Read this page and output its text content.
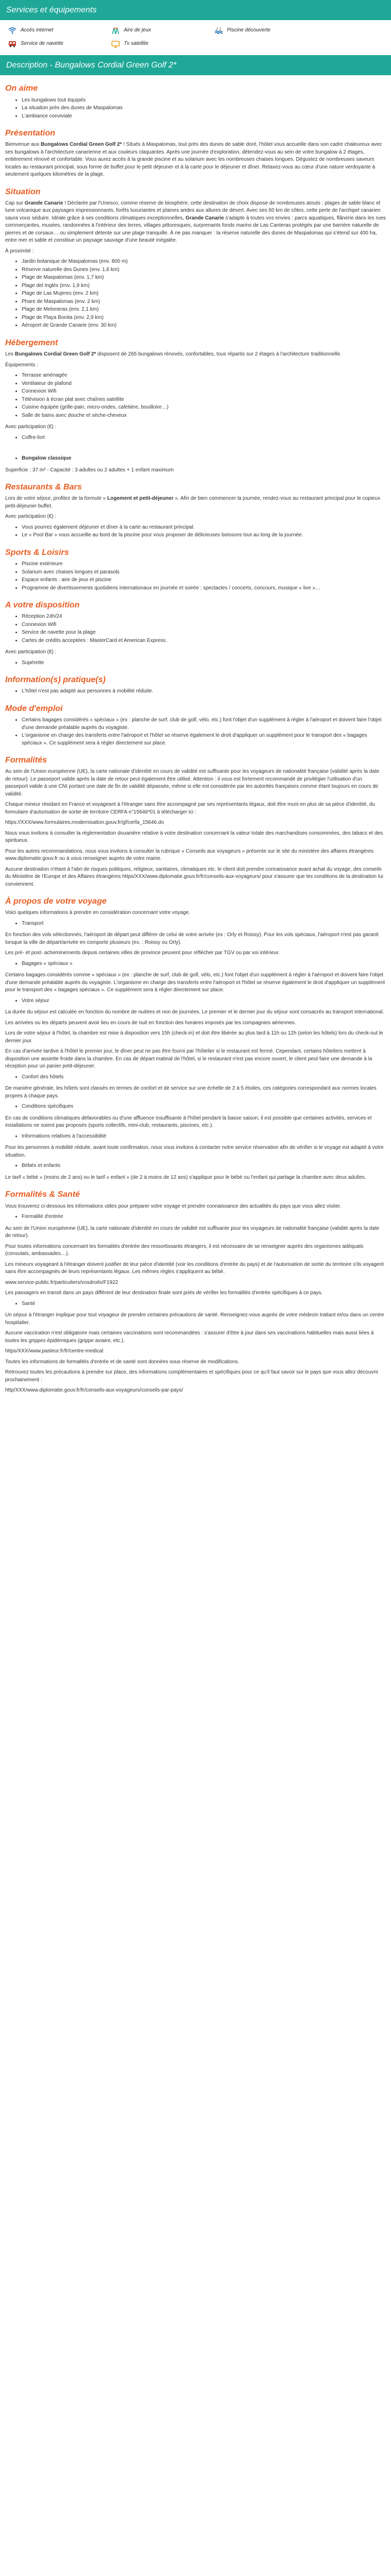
Services et équipements
Accès internet	Aire de jeux	Piscine découverte
Service de navette	Tv satellite
Description - Bungalows Cordial Green Golf 2*
On aime
• Les bungalows tout équipés
• La situation près des dunes de Maspalomas
• L'ambiance conviviale
Présentation

Bienvenue aux Bungalows Cordial Green Golf 2* ! Situés à Maspalomas, tout près des dunes de sable doré, l'hôtel vous accueille dans son cadre chaleureux avec ses bungalows à l'architecture canarienne et aux couleurs claquantes. Après une journée d'exploration, détendez-vous au sein de votre bungalow à 2 étages, entièrement rénové et confortable. Vous aurez accès à la grande piscine et au solarium avec les nombreuses chaises longues. Dégustez de nombreuses saveurs locales au restaurant principal, sous forme de buffet pour le petit déjeuner et à la carte pour le déjeuner et dîner. Relaxez-vous au cœur d'une nature verdoyante à seulement quelques kilomètres de la plage.

Situation

Cap sur Grande Canarie ! Déclarée par l'Unesco, comme réserve de biosphère, cette destination de choix dispose de nombreuses atouts : plages de sable blanc et lune volcanique aux paysages impressionnants, forêts luxuriantes et plaines arides aux allures de désert. Avec ses 60 km de côtes, cette perle de l'archipel canarien saura vous séduire. Idéale grâce à ses conditions climatiques exceptionnelles, Grande Canarie s'adapte à toutes vos envies : parcs aquatiques, flânerie dans les rues commerçantes, musées, randonnées à l'intérieur des terres, villages pittoresques, surprenants fonds marins de Las Canteras protégés par une barrière naturelle de pierres et de corsaux… ou simplement détente sur une plage tranquille. À ne pas manquer : la réserve naturelle des dunes de Maspalomas qui s'étend sur 400 ha, entre mer et sable et constitue un paysage sauvage d'une beauté inégalée.

À proximité :

• Jardin botanique de Maspalomas (env. 800 m)
• Réserve naturelle des Dunes (env. 1,6 km)
• Plage de Maspalomas (env. 1,7 km)
• Plage del Inglés (env. 1,9 km)
• Plage de Las Mujeres (env. 2 km)
• Phare de Maspalomas (env. 2 km)
• Plage de Meloneras (env. 2,1 km)
• Plage de Playa Bonita (env. 2,9 km)
• Aéroport de Grande Canarie (env. 30 km)
Hébergement

Les Bungalows Cordial Green Golf 2* disposent de 265 bungalows rénovés, confortables, tous répartis sur 2 étages à l'architecture traditionnelle.

Équipements :

• Terrasse aménagée
• Ventilateur de plafond
• Connexion Wifi
• Télévision à écran plat avec chaînes satellite
• Cuisine équipée (grille-pain, micro-ondes, cafetière, bouilloire…)
• Salle de bains avec douche et sèche-cheveux

Avec participation (€) :

• Coffre-fort
• Bungalow classique

Superficie : 37 m² - Capacité : 3 adultes ou 2 adultes + 1 enfant maximum

Restaurants & Bars

Lors de votre séjour, profitez de la formule « Logement et petit-déjeuner ». Afin de bien commencer la journée, rendez-vous au restaurant principal pour le copieux petit-déjeuner buffet.

Avec participation (€) :

• Vous pourrez également déjeuner et dîner à la carte au restaurant principal.
• Le « Pool Bar » vous accueille au bord de la piscine pour vous proposer de délicieuses boissons tout au long de la journée.
Sports & Loisirs
• Piscine extérieure
• Solarium avec chaises longues et parasols
• Espace enfants : aire de jeux et piscine
• Programme de divertissements quotidiens internationaux en journée et soirée : spectacles / concerts, concours, musique « live »…
A votre disposition
• Réception 24h/24
• Connexion Wifi
• Service de navette pour la plage
• Cartes de crédits acceptées : MasterCard et American Express.

Avec participation (€) :

• Supérette
Information(s) pratique(s)
• L'hôtel n'est pas adapté aux personnes à mobilité réduite.
Mode d'emploi
• Certains bagages considérés « spéciaux » (ex : planche de surf, club de golf, vélo, etc.) font l'objet d'un supplément à régler à l'aéroport et doivent faire l'objet d'une demande préalable auprès du voyagiste.
• L'organisme en charge des transferts entre l'aéroport et l'hôtel se réserve également le droit d'appliquer un supplément pour le transport des « bagages spéciaux ». Ce supplément sera à régler directement sur place.
Formalités

Au sein de l'Union européenne (UE), la carte nationale d'identité en cours de validité est suffisante pour les voyageurs de nationalité française (validité après la date de retour). Le passeport valide après la date de retour peut également être utilisé. Attention : il vous est fortement recommandé de privilégier l'utilisation d'un passeport valide à une CNI portant une date de fin de validité dépassée, même si elle est considérée par les autorités françaises comme étant toujours en cours de validité.

Chaque mineur résidant en France et voyageant à l'étranger sans être accompagné par ses représentants légaux, doit être muni en plus de sa pièce d'identité, du formulaire d'autorisation de sortie de territoire CERFA n°15646*01 à télécharger ici :

https://XXX/www.formulaires.modernisation.gouv.fr/gf/cerfa_15646.do

Nous vous invitons à consulter la réglementation douanière relative à votre destination concernant la valeur totale des marchandises consommées, des tabacs et des spiritueux.

Pour les autres recommandations, nous vous invitons à consulter la rubrique « Conseils aux voyageurs » présente sur le site du ministère des affaires étrangères www.diplomatie.gouv.fr ou à vous renseigner auprès de votre mairie.

Aucune destination n'étant à l'abri de risques politiques, religieux, sanitaires, climatiques etc. le client doit prendre connaissance avant achat du voyage, des conseils du Ministère de l'Europe et des Affaires étrangères https/XXX/www.diplomatie.gouv.fr/fr/conseils-aux-voyageurs/ pour s'assurer que les conditions de la destination lui conviennent.

À propos de votre voyage

Voici quelques informations à prendre en considération concernant votre voyage.

• Transport

En fonction des vols sélectionnés, l'aéroport de départ peut différer de celui de votre arrivée (ex : Orly et Roissy). Pour les vols spéciaux, l'aéroport n'est pas garanti lorsque la ville de départ/arrivée en comporte plusieurs (ex. : Roissy ou Orly).

Les pré- et post- acheminements depuis certaines villes de province peuvent pour réflécher par TGV ou par voi intérieur.

• Bagages « spéciaux »

Certains bagages considérés comme « spéciaux » (ex : planche de surf, club de golf, vélo, etc.) font l'objet d'un supplément à régler à l'aéroport et doivent faire l'objet d'une demande préalable auprès du voyagiste. L'organisme en charge des transferts entre l'aéroport et l'hôtel se réserve également le droit d'appliquer un supplément pour le transport des « bagages spéciaux ». Ce supplément sera à régler directement sur place.

• Votre séjour

La durée du séjour est calculée en fonction du nombre de nuitées et non de journées. Le premier et le dernier jour du séjour sont consacrés au transport international.

Les arrivées ou les départs peuvent avoir lieu en cours de nuit en fonction des horaires imposés par les compagnies aériennes.

Lors de votre séjour à l'hôtel, la chambre est mise à disposition vers 15h (check-in) et doit être libérée au plus tard à 11h ou 12h (selon les hôtels) lors du check-out le dernier jour.

En cas d'arrivée tardive à l'hôtel le premier jour, le dîner peut ne pas être fourni par l'hôtelier si le restaurant est fermé. Cependant, certains hôteliers mettent à disposition une assiette froide dans la chambre. En cas de départ matinal de l'hôtel, si le restaurant n'est pas encore ouvert, le client peut faire une demande à la réception pour un panier petit-déjeuner.

• Confort des hôtels

De manière générale, les hôtels sont classés en termes de confort et de service sur une échelle de 2 à 5 étoiles, ces catégories correspondant aux normes locales propres à chaque pays.

• Conditions spécifiques

En cas de conditions climatiques défavorables ou d'une affluence insuffisante à l'hôtel pendant la basse saison, il est possible que certaines activités, services et installations ne soient pas proposés (sports collectifs, mini-club, restaurants, piscines, etc.).

• Informations relatives à l'accessibilité

Pour les personnes à mobilité réduite, avant toute confirmation, nous vous invitons à contacter notre service réservation afin de vérifier si le voyage est adapté à votre situation.

• Bébés et enfants

Le tarif « bébé » (moins de 2 ans) ou le tarif « enfant » (de 2 à moins de 12 ans) s'applique pour le bébé ou l'enfant qui partage la chambre avec deux adultes.

Formalités & Santé

Vous trouverez ci-dessous les informations utiles pour préparer votre voyage et prendre connaissance des actualités du pays que vous allez visiter.

• Formalité d'entrée

Au sein de l'Union européenne (UE), la carte nationale d'identité en cours de validité est suffisante pour les voyageurs de nationalité française (validité après la date de retour).

Pour toutes informations concernant les formalités d'entrée des ressortissants étrangers, il est nécessaire de se renseigner auprès des organismes adéquats (consulats, ambassades…).

Les mineurs voyageant à l'étranger doivent justifier de leur pièce d'identité (voir les conditions d'entrée du pays) et de l'autorisation de sortie du territoire s'ils voyagent sans être accompagnés de leurs représentants légaux. Les mêmes règles s'appliquent au bébé.

www.service-public.fr/particuliers/vosdroits/F1922

Les passagers en transit dans un pays différent de leur destination finale sont priés de vérifier les formalités d'entrée spécifiques à ce pays.

• Santé

Un séjour à l'étranger implique pour tout voyageur de prendre certaines précautions de santé. Renseignez-vous auprès de votre médecin traitant et/ou dans un centre hospitalier.

Aucune vaccination n'est obligatoire mais certaines vaccinations sont recommandées : s'assurer d'être à jour dans ses vaccinations habituelles mais aussi liées à toutes les grippes épidémiques (grippe aviaire, etc.).

https/XXX/www.pasteur.fr/fr/centre-medical

Toutes les informations de formalités d'entrée et de santé sont données sous réserve de modifications.

Retrouvez toutes les précautions à prendre sur place, des informations complémentaires et spécifiques pour ce qu'il faut savoir sur le pays que vous allez découvrir prochainement :

http/XXX/www.diplomatie.gouv.fr/fr/conseils-aux-voyageurs/conseils-par-pays/
